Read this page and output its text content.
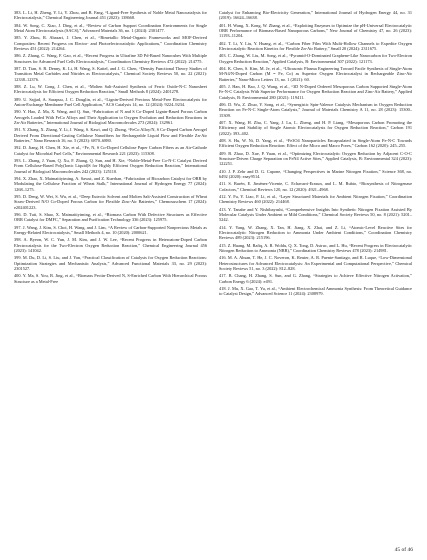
383. L. Li, H. Zheng, Y. Li, Y. Zhou, and B. Fang, “Ligand-Free Synthesis of Noble Metal Nanocatalysts for Electrocatalysis,” Chemical Engineering Journal 451 (2023): 138668.

384. W. Song, C. Xiao, J. Ding, et al., “Review of Carbon Support Coordination Environments for Single Metal Atom Electrocatalysts (SACS),” Advanced Materials 36, no. 1 (2024): 2301477.

385. Y. Zhou, R. Abazari, J. Chen, et al., “Bimetallic Metal-Organic Frameworks and MOF-Derived Composites: Recent Progress on Electro- and Photoelectrocatalytic Applications,” Coordination Chemistry Reviews 451 (2022): 214264.

386. Z. Zhang, C. Wang, F. Gao, et al., “Recent Progress in Ultrafine 3D Pd-Based Nanocubes With Multiple Structures for Advanced Fuel Cells Electrocatalysis,” Coordination Chemistry Reviews 472 (2022): 214775.

387. D. Tian, S. R. Denny, K. Li, H. Wang, S. Kattel, and J. G. Chen, “Density Functional Theory Studies of Transition Metal Carbides and Nitrides as Electrocatalysts,” Chemical Society Reviews 50, no. 22 (2021): 12338–12376.

388. Z. Lu, W. Gong, J. Chen, et al., “Molten Salt-Assisted Synthesis of Ferric Oxide-N-C Nanosheet Electrocatalysts for Efficient Oxygen Reduction Reaction,” Small Methods 8 (2024): 2401278.

389. U. Sajjad, A. Sarapuu, J. C. Douglin, et al., “Lignin-Derived Precious Metal-Free Electrocatalysts for Anion-Exchange Membrane Fuel Cell Application,” ACS Catalysis 14, no. 12 (2024): 9224–9234.

390. Y. Hao, Z. Ma, X. Wang, and Q. Sun, “Fabrication of N and S Co-Doped Lignin-Based Porous Carbon Aerogels Loaded With FeCo Alloys and Their Application to Oxygen Evolution and Reduction Reactions in Zn-Air Batteries,” International Journal of Biological Macromolecules 273 (2024): 132961.

391. Y. Zhang, X. Zhang, Y. Li, J. Wang, S. Kawi, and Q. Zhong, “FeCo Alloy/N, S Co-Doped Carbon Aerogel Derived From Directional-Casting Cellulose Nanofibers for Rechargeable Liquid Flow and Flexible Zn-Air Batteries,” Nano Research 16, no. 5 (2023): 6870–6880.

392. D. Jiang, H. Chen, H. Xie, et al., “Fe, N, S Co-Doped Cellulose Paper Carbon Fibers as an Air-Cathode Catalyst for Microbial Fuel Cells,” Environmental Research 221 (2023): 115308.

393. L. Zhang, J. Yuan, Q. Xu, F. Zhang, Q. Sun, and H. Xie, “Noble-Metal-Free Co-N-C Catalyst Derived From Cellulose-Based Poly(Ionic Liquid)S for Highly Efficient Oxygen Reduction Reaction,” International Journal of Biological Macromolecules 242 (2023): 125110.

394. X. Zhao, X. Maimaitiyiming, A. Sawut, and Z. Kuerban, “Fabrication of Biocarbon Catalyst for ORR by Modulating the Cellulose Fraction of Wheat Stalk,” International Journal of Hydrogen Energy 77 (2024): 1268–1275.

395. D. Deng, W. Wei, S. Wu, et al., “Deep Eutectic Solvent and Molten Salt-Assisted Construction of Wheat Straw-Derived N/O Co-Doped Porous Carbon for Flexible Zinc-Air Batteries,” Chemosuschem 17 (2024): e202401223.

396. D. Tuti, S. Shao, X. Maimaitiyiming, et al., “Biomass Carbon With Defective Structures as Effective ORR Catalyst for DMFC,” Separation and Purification Technology 336 (2023): 125975.

397. J. Wang, J. Kim, S. Choi, H. Wang, and J. Lim, “A Review of Carbon-Supported Nonprecious Metals as Energy-Related Electrocatalysts,” Small Methods 4, no. 10 (2020): 2000621.

398. A. Byeon, W. C. Yun, J. M. Kim, and J. W. Lee, “Recent Progress in Heteroatom-Doped Carbon Electrocatalysts for the Two-Electron Oxygen Reduction Reaction,” Chemical Engineering Journal 456 (2023): 141042.

399. M. Du, D. Li, S. Liu, and J. Yan, “Practical Classification of Catalysts for Oxygen Reduction Reactions: Optimization Strategies and Mechanistic Analysis,” Advanced Functional Materials 33, no. 29 (2023): 2301527.

400. Y. Ma, S. You, B. Jing, et al., “Biomass Pectin-Derived N, S-Enriched Carbon With Hierarchical Porous Structure as a Metal-Free

Catalyst for Enhancing Bio-Electricity Generation,” International Journal of Hydrogen Energy 44, no. 31 (2019): 16624–16638.

401. H. Wang, X. Kong, W. Zhang, et al., “Exploiting Enzymes to Optimize the pH-Universal Electrocatalytic ORR Performance of Biomass-Based Nanoporous Carbons,” New Journal of Chemistry 47, no. 26 (2023): 11193–11204.

402. T. Li, Y. Liu, Y. Huang, et al., “Carbon Fiber Film With Multi-Hollow Channels to Expedite Oxygen Electrocatalytic Reaction Kinetics for Flexible Zn-Air Battery,” Small 20 (2024): 2311675.

403. C. Zhang, W. Liu, M. Song, et al., “Pyramid-O-Dominated Graphene-Like Nanocarbon for Two-Electron Oxygen Reduction Reaction,” Applied Catalysis, B: Environmental 307 (2022): 121173.

404. K. Chen, S. Kim, M. Je, et al., “Ultrasonic Plasma Engineering Toward Facile Synthesis of Single-Atom M-N4/N-Doped Carbon (M = Fe, Co) as Superior Oxygen Electrocatalyst in Rechargeable Zinc-Air Batteries,” Nano-Micro Letters 13, no. 1 (2021): 60.

405. J. Han, H. Bao, J. Q. Wang, et al., “3D N-Doped Ordered Mesoporous Carbon Supported Single-Atom Fe-N-C Catalysts With Superior Performance for Oxygen Reduction Reaction and Zinc-Air Battery,” Applied Catalysis, B: Environmental 280 (2021): 119411.

406. D. Wu, Z. Zhuo, Y. Song, et al., “Synergistic Spin-Valence Catalysis Mechanism in Oxygen Reduction Reaction on Fe-N-C Single-Atom Catalysts,” Journal of Materials Chemistry A 11, no. 28 (2023): 15300–15309.

407. X. Wang, H. Zhu, C. Yang, J. Lu, L. Zheng, and H. P. Liang, “Mesoporous Carbon Promoting the Efficiency and Stability of Single Atomic Electrocatalysts for Oxygen Reduction Reaction,” Carbon 191 (2022): 393–402.

408. S. Hu, W. Ni, D. Yang, et al., “Fe3O4 Nanoparticles Encapsulated in Single-Atom Fe-N-C Towards Efficient Oxygen Reduction Reaction: Effect of the Micro and Macro Pores,” Carbon 162 (2020): 245–255.

409. B. Zhao, D. Xue, P. Yuan, et al., “Optimizing Electrocatalytic Oxygen Reduction by Adjacent C-O-C Structure-Driven Charge Separation on FeN4 Active Sites,” Applied Catalysis, B: Environmental 324 (2023): 122251.

410. J. P. Zehr and D. G. Capone, “Changing Perspectives in Marine Nitrogen Fixation,” Science 368, no. 6492 (2020): eaay9514.

411. S. Burén, E. Jiménez-Vicente, C. Echavarri-Erasun, and L. M. Rubio, “Biosynthesis of Nitrogenase Cofactors,” Chemical Reviews 120, no. 12 (2020): 4921–4968.

412. Y. Fu, Y. Liao, P. Li, et al., “Layer Structured Materials for Ambient Nitrogen Fixation,” Coordination Chemistry Reviews 460 (2022): 214468.

413. Y. Tanabe and Y. Nishibayashi, “Comprehensive Insights Into Synthetic Nitrogen Fixation Assisted By Molecular Catalysts Under Ambient or Mild Conditions,” Chemical Society Reviews 50, no. 8 (2021): 5201–5242.

414. Y. Yang, W. Zhang, X. Tan, H. Jiang, X. Zhai, and Z. Li, “Atomic-Level Reactive Sites for Electrocatalytic Nitrogen Reduction to Ammonia Under Ambient Conditions,” Coordination Chemistry Reviews 489 (2023): 215196.

415. Z. Huang, M. Rafiq, A. R. Woldu, Q. X. Tong, D. Astruc, and L. Hu, “Recent Progress in Electrocatalytic Nitrogen Reduction to Ammonia (NRR),” Coordination Chemistry Reviews 478 (2023): 214981.

416. M. A. Ahsan, T. He, J. C. Noveron, K. Reuter, A. R. Puente-Santiago, and R. Luque, “Low-Dimensional Heterostructures for Advanced Electrocatalysis: An Experimental and Computational Perspective,” Chemical Society Reviews 51, no. 3 (2022): 812–828.

417. B. Chang, H. Zhang, S. Sun, and G. Zhang, “Strategies to Achieve Effective Nitrogen Activation,” Carbon Energy 6 (2024): e491.

418. J. Mu, X. Gao, T. Yu, et al., “Ambient Electrochemical Ammonia Synthesis: From Theoretical Guidance to Catalyst Design,” Advanced Science 11 (2024): 2308979.

45 of 46
